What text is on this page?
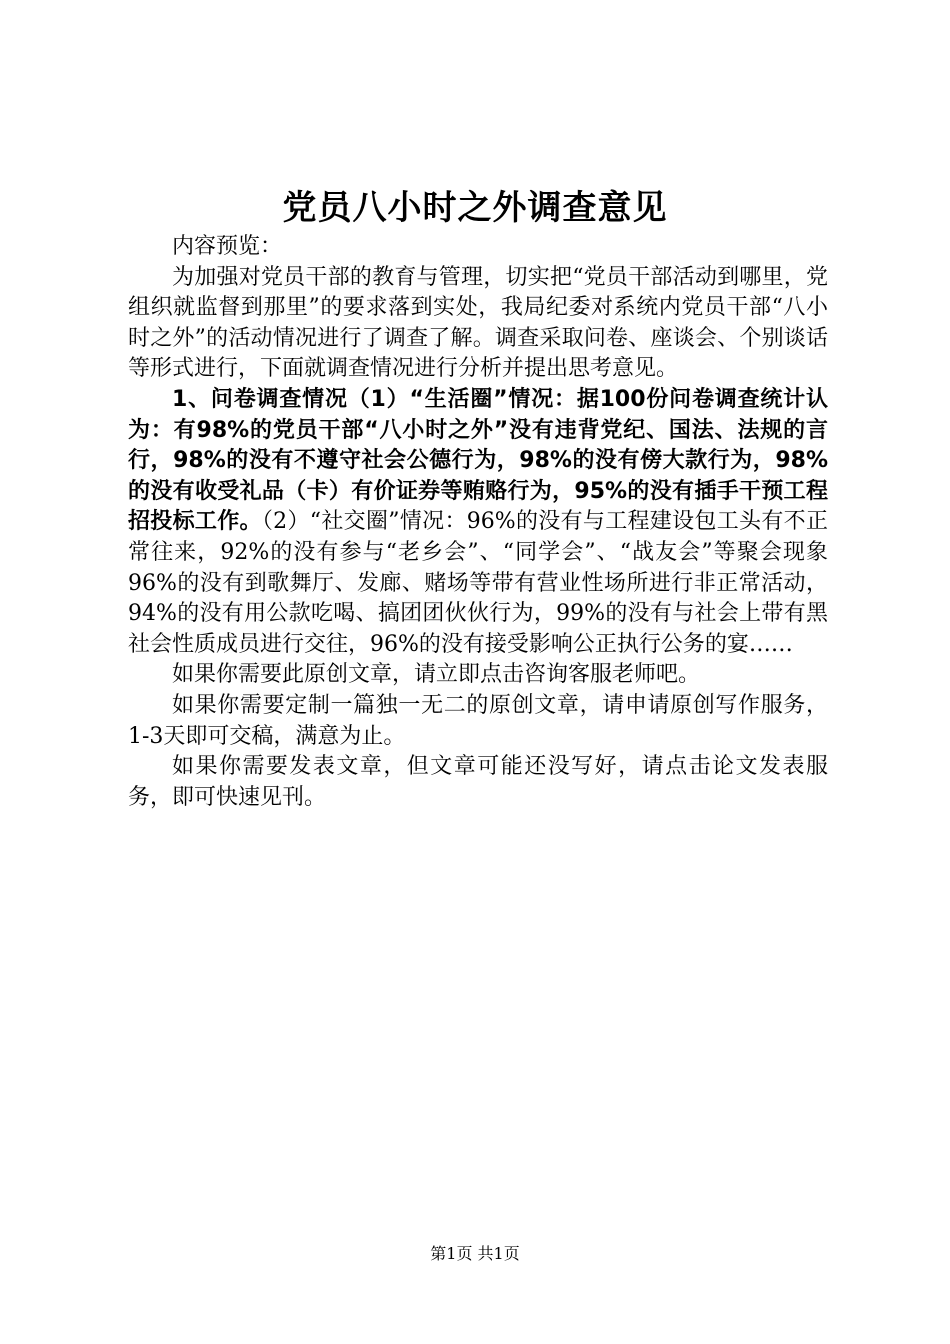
党员八小时之外调查意见

内容预览：

为加强对党员干部的教育与管理，切实把“党员干部活动到哪里，党组织就监督到那里”的要求落到实处，我局纪委对系统内党员干部“八小时之外”的活动情况进行了调查了解。调查采取问卷、座谈会、个别谈话等形式进行，下面就调查情况进行分析并提出思考意见。

1、问卷调查情况（1）“生活圈”情况：据100份问卷调查统计认为：有98%的党员干部“八小时之外”没有违背党纪、国法、法规的言行，98%的没有不遵守社会公德行为，98%的没有傍大款行为，98%的没有收受礼品（卡）有价证券等贿赂行为，95%的没有插手干预工程招投标工作。（2）“社交圈”情况：96%的没有与工程建设包工头有不正常往来，92%的没有参与“老乡会”、“同学会”、“战友会”等聚会现象96%的没有到歌舞厅、发廊、赌场等带有营业性场所进行非正常活动，94%的没有用公款吃喝、搞团团伙伙行为，99%的没有与社会上带有黑社会性质成员进行交往，96%的没有接受影响公正执行公务的宴……

如果你需要此原创文章，请立即点击咨询客服老师吧。

如果你需要定制一篇独一无二的原创文章，请申请原创写作服务，1-3天即可交稿，满意为止。

如果你需要发表文章，但文章可能还没写好，请点击论文发表服务，即可快速见刊。

第1页 共1页
